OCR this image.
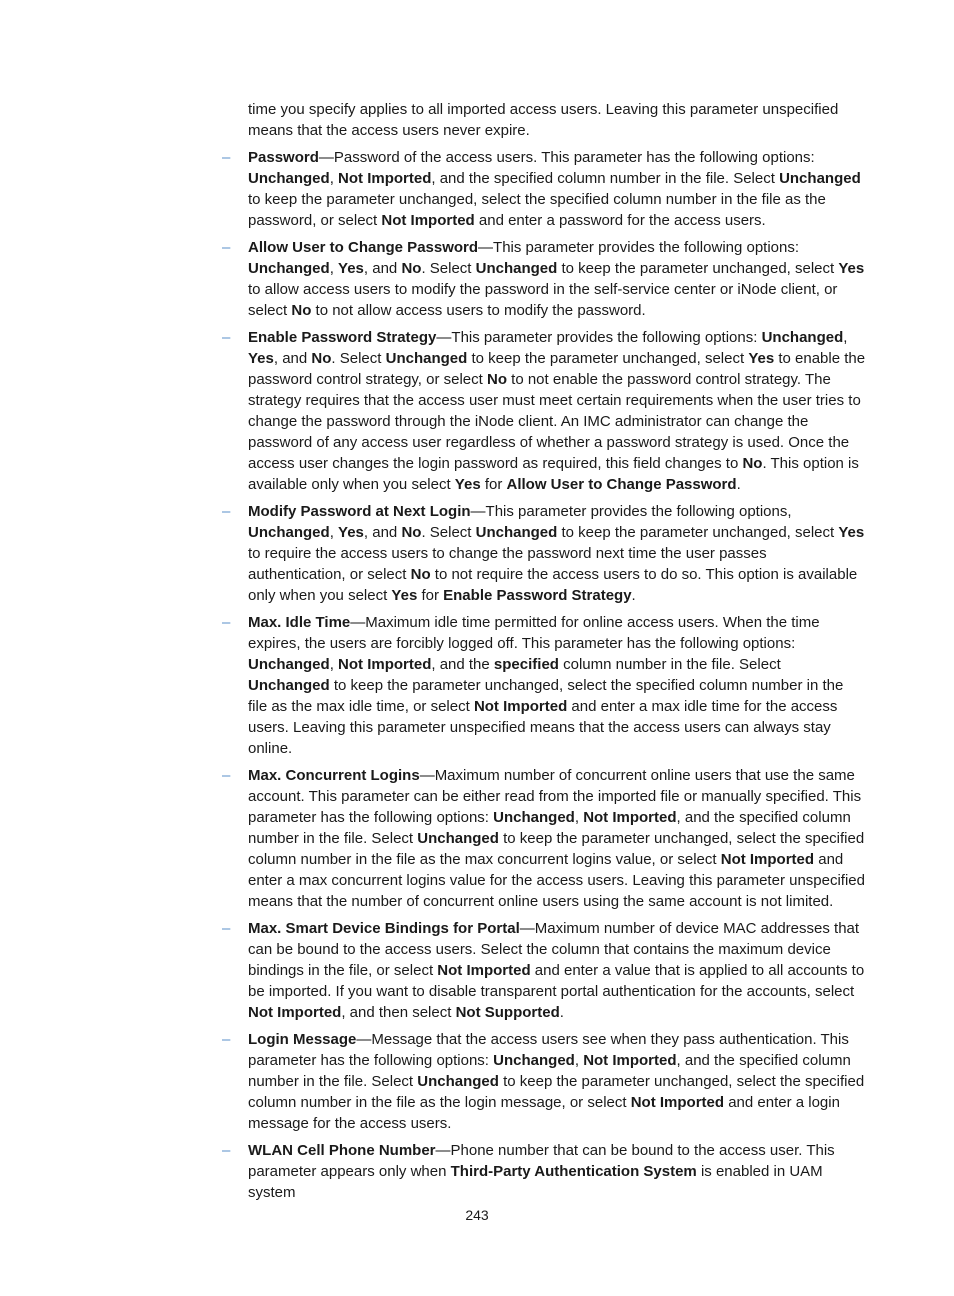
time you specify applies to all imported access users. Leaving this parameter unspecified means that the access users never expire.

– Password—Password of the access users. This parameter has the following options: Unchanged, Not Imported, and the specified column number in the file. Select Unchanged to keep the parameter unchanged, select the specified column number in the file as the password, or select Not Imported and enter a password for the access users.

– Allow User to Change Password—This parameter provides the following options: Unchanged, Yes, and No. Select Unchanged to keep the parameter unchanged, select Yes to allow access users to modify the password in the self-service center or iNode client, or select No to not allow access users to modify the password.

– Enable Password Strategy—This parameter provides the following options: Unchanged, Yes, and No. Select Unchanged to keep the parameter unchanged, select Yes to enable the password control strategy, or select No to not enable the password control strategy. The strategy requires that the access user must meet certain requirements when the user tries to change the password through the iNode client. An IMC administrator can change the password of any access user regardless of whether a password strategy is used. Once the access user changes the login password as required, this field changes to No. This option is available only when you select Yes for Allow User to Change Password.

– Modify Password at Next Login—This parameter provides the following options, Unchanged, Yes, and No. Select Unchanged to keep the parameter unchanged, select Yes to require the access users to change the password next time the user passes authentication, or select No to not require the access users to do so. This option is available only when you select Yes for Enable Password Strategy.

– Max. Idle Time—Maximum idle time permitted for online access users. When the time expires, the users are forcibly logged off. This parameter has the following options: Unchanged, Not Imported, and the specified column number in the file. Select Unchanged to keep the parameter unchanged, select the specified column number in the file as the max idle time, or select Not Imported and enter a max idle time for the access users. Leaving this parameter unspecified means that the access users can always stay online.

– Max. Concurrent Logins—Maximum number of concurrent online users that use the same account. This parameter can be either read from the imported file or manually specified. This parameter has the following options: Unchanged, Not Imported, and the specified column number in the file. Select Unchanged to keep the parameter unchanged, select the specified column number in the file as the max concurrent logins value, or select Not Imported and enter a max concurrent logins value for the access users. Leaving this parameter unspecified means that the number of concurrent online users using the same account is not limited.

– Max. Smart Device Bindings for Portal—Maximum number of device MAC addresses that can be bound to the access users. Select the column that contains the maximum device bindings in the file, or select Not Imported and enter a value that is applied to all accounts to be imported. If you want to disable transparent portal authentication for the accounts, select Not Imported, and then select Not Supported.

– Login Message—Message that the access users see when they pass authentication. This parameter has the following options: Unchanged, Not Imported, and the specified column number in the file. Select Unchanged to keep the parameter unchanged, select the specified column number in the file as the login message, or select Not Imported and enter a login message for the access users.

– WLAN Cell Phone Number—Phone number that can be bound to the access user. This parameter appears only when Third-Party Authentication System is enabled in UAM system

243
